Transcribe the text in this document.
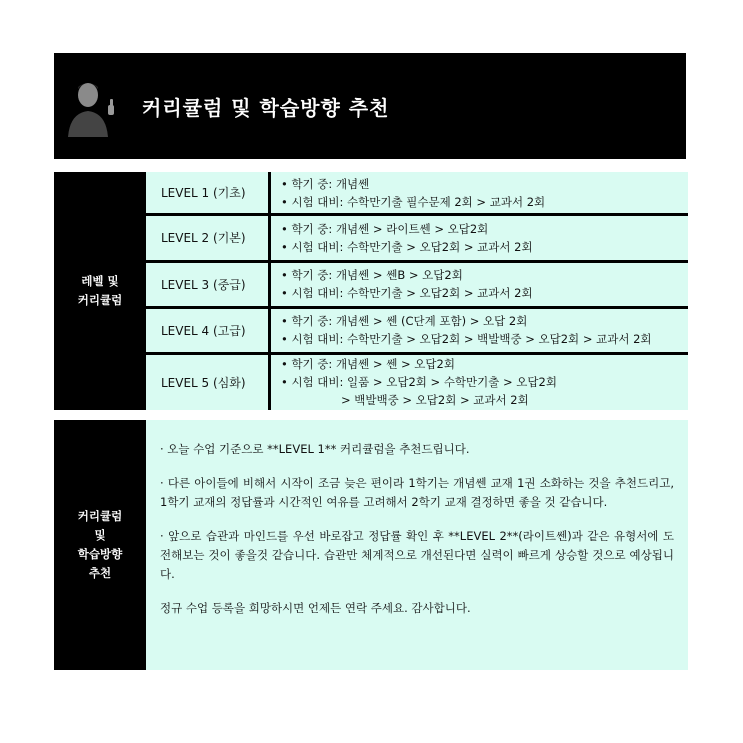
커리큘럼 및 학습방향 추천
레벨 및
커리큘럼
LEVEL 1 (기초)
• 학기 중: 개념쎈
• 시험 대비: 수학만기출 필수문제 2회 > 교과서 2회
LEVEL 2 (기본)
• 학기 중: 개념쎈 > 라이트쎈 > 오답2회
• 시험 대비: 수학만기출 > 오답2회 > 교과서 2회
LEVEL 3 (중급)
• 학기 중: 개념쎈 > 쎈B > 오답2회
• 시험 대비: 수학만기출 > 오답2회 > 교과서 2회
LEVEL 4 (고급)
• 학기 중: 개념쎈 > 쎈 (C단계 포함) > 오답 2회
• 시험 대비: 수학만기출 > 오답2회 > 백발백중 > 오답2회 > 교과서 2회
LEVEL 5 (심화)
• 학기 중: 개념쎈 > 쎈 > 오답2회
• 시험 대비: 일품 > 오답2회 > 수학만기출 > 오답2회
> 백발백중 > 오답2회 > 교과서 2회
커리큘럼
및
학습방향
추천

· 오늘 수업 기준으로 **LEVEL 1** 커리큘럼을 추천드립니다.

· 다른 아이들에 비해서 시작이 조금 늦은 편이라 1학기는 개념쎈 교재 1권 소화하는 것을 추천드리고, 1학기 교재의 정답률과 시간적인 여유를 고려해서 2학기 교재 결정하면 좋을 것 같습니다.

· 앞으로 습관과 마인드를 우선 바로잡고 정답률 확인 후 **LEVEL 2**(라이트쎈)과 같은 유형서에 도전해보는 것이 좋을것 같습니다. 습관만 체계적으로 개선된다면 실력이 빠르게 상승할 것으로 예상됩니다.

정규 수업 등록을 희망하시면 언제든 연락 주세요. 감사합니다.
